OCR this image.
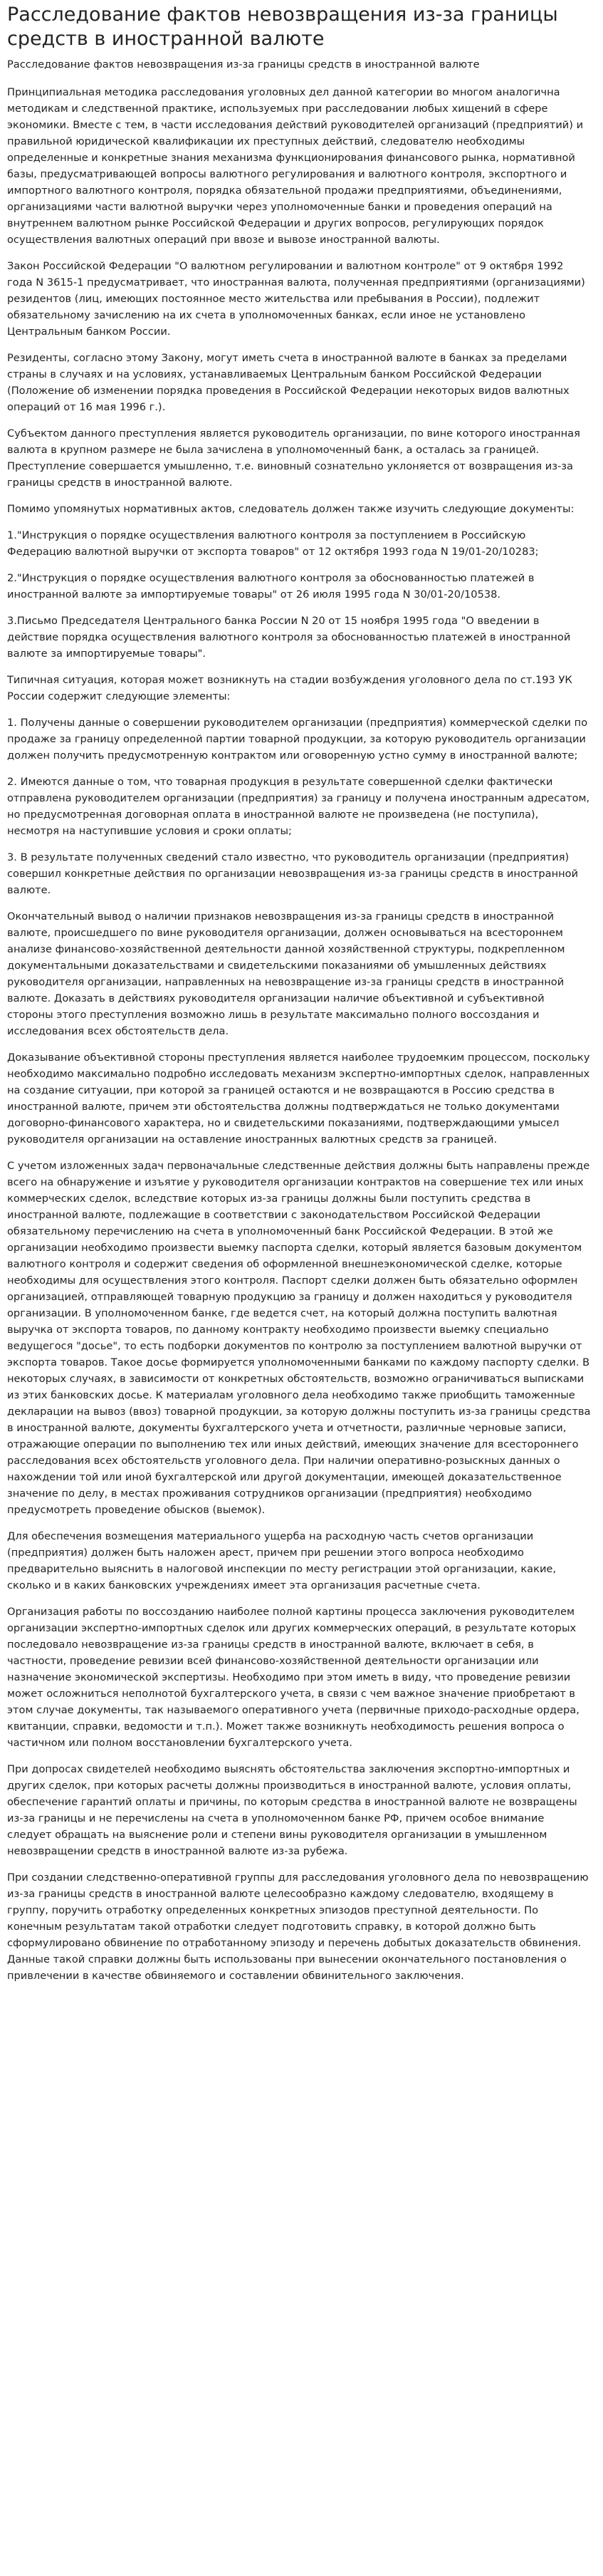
Расследование фактов невозвращения из-за границы средств в иностранной валюте

Расследование фактов невозвращения из-за границы средств в иностранной валюте

Принципиальная методика расследования уголовных дел данной категории во многом аналогична методикам и следственной практике, используемых при расследовании любых хищений в сфере экономики. Вместе с тем, в части исследования действий руководителей организаций (предприятий) и правильной юридической квалификации их преступных действий, следователю необходимы определенные и конкретные знания механизма функционирования финансового рынка, нормативной базы, предусматривающей вопросы валютного регулирования и валютного контроля, экспортного и импортного валютного контроля, порядка обязательной продажи предприятиями, объединениями, организациями части валютной выручки через уполномоченные банки и проведения операций на внутреннем валютном рынке Российской Федерации и других вопросов, регулирующих порядок осуществления валютных операций при ввозе и вывозе иностранной валюты.

Закон Российской Федерации "О валютном регулировании и валютном контроле" от 9 октября 1992 года N 3615-1 предусматривает, что иностранная валюта, полученная предприятиями (организациями) резидентов (лиц, имеющих постоянное место жительства или пребывания в России), подлежит обязательному зачислению на их счета в уполномоченных банках, если иное не установлено Центральным банком России.

Резиденты, согласно этому Закону, могут иметь счета в иностранной валюте в банках за пределами страны в случаях и на условиях, устанавливаемых Центральным банком Российской Федерации (Положение об изменении порядка проведения в Российской Федерации некоторых видов валютных операций от 16 мая 1996 г.).

Субъектом данного преступления является руководитель организации, по вине которого иностранная валюта в крупном размере не была зачислена в уполномоченный банк, а осталась за границей. Преступление совершается умышленно, т.е. виновный сознательно уклоняется от возвращения из-за границы средств в иностранной валюте.

Помимо упомянутых нормативных актов, следователь должен также изучить следующие документы:

1."Инструкция о порядке осуществления валютного контроля за поступлением в Российскую Федерацию валютной выручки от экспорта товаров" от 12 октября 1993 года N 19/01-20/10283;

2."Инструкция о порядке осуществления валютного контроля за обоснованностью платежей в иностранной валюте за импортируемые товары" от 26 июля 1995 года N 30/01-20/10538.

3.Письмо Председателя Центрального банка России N 20 от 15 ноября 1995 года "О введении в действие порядка осуществления валютного контроля за обоснованностью платежей в иностранной валюте за импортируемые товары".

Типичная ситуация, которая может возникнуть на стадии возбуждения уголовного дела по ст.193 УК России содержит следующие элементы:

1. Получены данные о совершении руководителем организации (предприятия) коммерческой сделки по продаже за границу определенной партии товарной продукции, за которую руководитель организации должен получить предусмотренную контрактом или оговоренную устно сумму в иностранной валюте;

2. Имеются данные о том, что товарная продукция в результате совершенной сделки фактически отправлена руководителем организации (предприятия) за границу и получена иностранным адресатом, но предусмотренная договорная оплата в иностранной валюте не произведена (не поступила), несмотря на наступившие условия и сроки оплаты;

3. В результате полученных сведений стало известно, что руководитель организации (предприятия) совершил конкретные действия по организации невозвращения из-за границы средств в иностранной валюте.

Окончательный вывод о наличии признаков невозвращения из-за границы средств в иностранной валюте, происшедшего по вине руководителя организации, должен основываться на всестороннем анализе финансово-хозяйственной деятельности данной хозяйственной структуры, подкрепленном документальными доказательствами и свидетельскими показаниями об умышленных действиях руководителя организации, направленных на невозвращение из-за границы средств в иностранной валюте. Доказать в действиях руководителя организации наличие объективной и субъективной стороны этого преступления возможно лишь в результате максимально полного воссоздания и исследования всех обстоятельств дела.

Доказывание объективной стороны преступления является наиболее трудоемким процессом, поскольку необходимо максимально подробно исследовать механизм экспертно-импортных сделок, направленных на создание ситуации, при которой за границей остаются и не возвращаются в Россию средства в иностранной валюте, причем эти обстоятельства должны подтверждаться не только документами договорно-финансового характера, но и свидетельскими показаниями, подтверждающими умысел руководителя организации на оставление иностранных валютных средств за границей.

С учетом изложенных задач первоначальные следственные действия должны быть направлены прежде всего на обнаружение и изъятие у руководителя организации контрактов на совершение тех или иных коммерческих сделок, вследствие которых из-за границы должны были поступить средства в иностранной валюте, подлежащие в соответствии с законодательством Российской Федерации обязательному перечислению на счета в уполномоченный банк Российской Федерации. В этой же организации необходимо произвести выемку паспорта сделки, который является базовым документом валютного контроля и содержит сведения об оформленной внешнеэкономической сделке, которые необходимы для осуществления этого контроля. Паспорт сделки должен быть обязательно оформлен организацией, отправляющей товарную продукцию за границу и должен находиться у руководителя организации. В уполномоченном банке, где ведется счет, на который должна поступить валютная выручка от экспорта товаров, по данному контракту необходимо произвести выемку специально ведущегося "досье", то есть подборки документов по контролю за поступлением валютной выручки от экспорта товаров. Такое досье формируется уполномоченными банками по каждому паспорту сделки. В некоторых случаях, в зависимости от конкретных обстоятельств, возможно ограничиваться выписками из этих банковских досье. К материалам уголовного дела необходимо также приобщить таможенные декларации на вывоз (ввоз) товарной продукции, за которую должны поступить из-за границы средства в иностранной валюте, документы бухгалтерского учета и отчетности, различные черновые записи, отражающие операции по выполнению тех или иных действий, имеющих значение для всестороннего расследования всех обстоятельств уголовного дела. При наличии оперативно-розыскных данных о нахождении той или иной бухгалтерской или другой документации, имеющей доказательственное значение по делу, в местах проживания сотрудников организации (предприятия) необходимо предусмотреть проведение обысков (выемок).

Для обеспечения возмещения материального ущерба на расходную часть счетов организации (предприятия) должен быть наложен арест, причем при решении этого вопроса необходимо предварительно выяснить в налоговой инспекции по месту регистрации этой организации, какие, сколько и в каких банковских учреждениях имеет эта организация расчетные счета.

Организация работы по воссозданию наиболее полной картины процесса заключения руководителем организации экспертно-импортных сделок или других коммерческих операций, в результате которых последовало невозвращение из-за границы средств в иностранной валюте, включает в себя, в частности, проведение ревизии всей финансово-хозяйственной деятельности организации или назначение экономической экспертизы. Необходимо при этом иметь в виду, что проведение ревизии может осложниться неполнотой бухгалтерского учета, в связи с чем важное значение приобретают в этом случае документы, так называемого оперативного учета (первичные приходо-расходные ордера, квитанции, справки, ведомости и т.п.). Может также возникнуть необходимость решения вопроса о частичном или полном восстановлении бухгалтерского учета.

При допросах свидетелей необходимо выяснять обстоятельства заключения экспортно-импортных и других сделок, при которых расчеты должны производиться в иностранной валюте, условия оплаты, обеспечение гарантий оплаты и причины, по которым средства в иностранной валюте не возвращены из-за границы и не перечислены на счета в уполномоченном банке РФ, причем особое внимание следует обращать на выяснение роли и степени вины руководителя организации в умышленном невозвращении средств в иностранной валюте из-за рубежа.

При создании следственно-оперативной группы для расследования уголовного дела по невозвращению из-за границы средств в иностранной валюте целесообразно каждому следователю, входящему в группу, поручить отработку определенных конкретных эпизодов преступной деятельности. По конечным результатам такой отработки следует подготовить справку, в которой должно быть сформулировано обвинение по отработанному эпизоду и перечень добытых доказательств обвинения. Данные такой справки должны быть использованы при вынесении окончательного постановления о привлечении в качестве обвиняемого и составлении обвинительного заключения.
